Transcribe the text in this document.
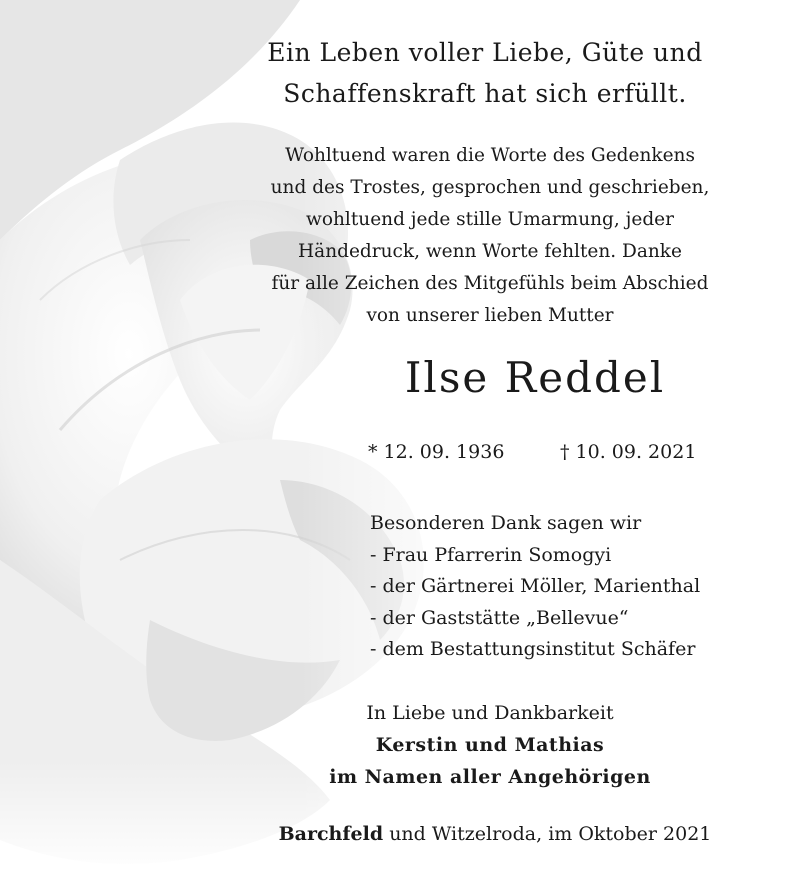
Ein Leben voller Liebe, Güte und
Schaffenskraft hat sich erfüllt.
Wohltuend waren die Worte des Gedenkens
und des Trostes, gesprochen und geschrieben,
wohltuend jede stille Umarmung, jeder
Händedruck, wenn Worte fehlten. Danke
für alle Zeichen des Mitgefühls beim Abschied
von unserer lieben Mutter
Ilse Reddel
* 12. 09. 1936	† 10. 09. 2021
Besonderen Dank sagen wir
- Frau Pfarrerin Somogyi
- der Gärtnerei Möller, Marienthal
- der Gaststätte „Bellevue“
- dem Bestattungsinstitut Schäfer
In Liebe und Dankbarkeit
Kerstin und Mathias
im Namen aller Angehörigen
Barchfeld und Witzelroda, im Oktober 2021
